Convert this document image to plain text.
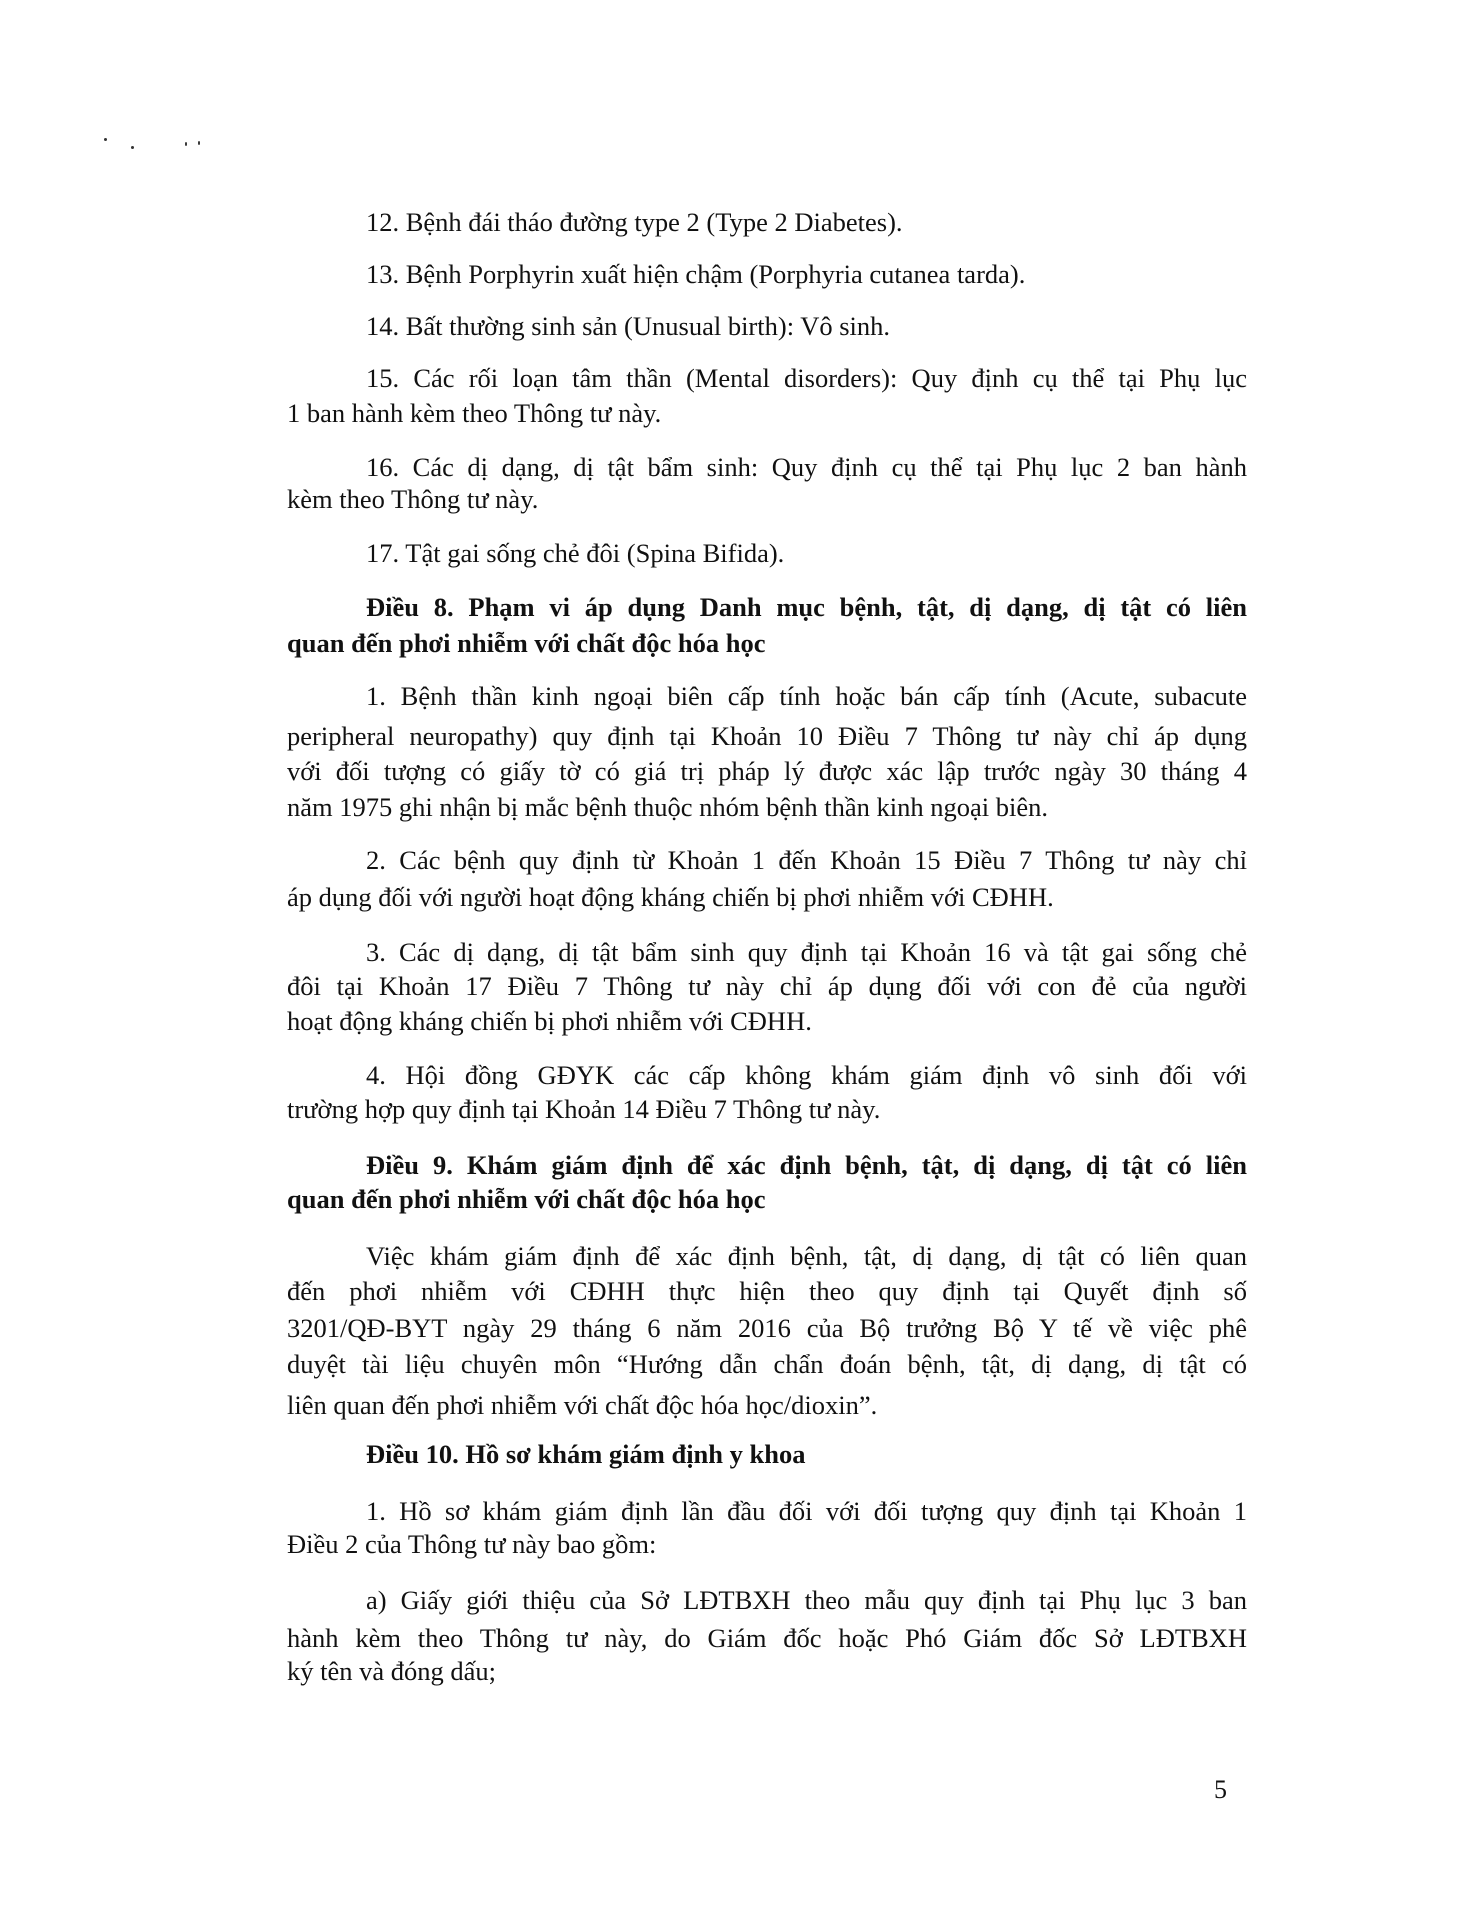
12. Bệnh đái tháo đường type 2 (Type 2 Diabetes).
13. Bệnh Porphyrin xuất hiện chậm (Porphyria cutanea tarda).
14. Bất thường sinh sản (Unusual birth): Vô sinh.
15. Các rối loạn tâm thần (Mental disorders): Quy định cụ thể tại Phụ lục
1 ban hành kèm theo Thông tư này.
16. Các dị dạng, dị tật bẩm sinh: Quy định cụ thể tại Phụ lục 2 ban hành
kèm theo Thông tư này.
17. Tật gai sống chẻ đôi (Spina Bifida).
Điều 8. Phạm vi áp dụng Danh mục bệnh, tật, dị dạng, dị tật có liên
quan đến phơi nhiễm với chất độc hóa học
1. Bệnh thần kinh ngoại biên cấp tính hoặc bán cấp tính (Acute, subacute
peripheral neuropathy) quy định tại Khoản 10 Điều 7 Thông tư này chỉ áp dụng
với đối tượng có giấy tờ có giá trị pháp lý được xác lập trước ngày 30 tháng 4
năm 1975 ghi nhận bị mắc bệnh thuộc nhóm bệnh thần kinh ngoại biên.
2. Các bệnh quy định từ Khoản 1 đến Khoản 15 Điều 7 Thông tư này chỉ
áp dụng đối với người hoạt động kháng chiến bị phơi nhiễm với CĐHH.
3. Các dị dạng, dị tật bẩm sinh quy định tại Khoản 16 và tật gai sống chẻ
đôi tại Khoản 17 Điều 7 Thông tư này chỉ áp dụng đối với con đẻ của người
hoạt động kháng chiến bị phơi nhiễm với CĐHH.
4. Hội đồng GĐYK các cấp không khám giám định vô sinh đối với
trường hợp quy định tại Khoản 14 Điều 7 Thông tư này.
Điều 9. Khám giám định để xác định bệnh, tật, dị dạng, dị tật có liên
quan đến phơi nhiễm với chất độc hóa học
Việc khám giám định để xác định bệnh, tật, dị dạng, dị tật có liên quan
đến phơi nhiễm với CĐHH thực hiện theo quy định tại Quyết định số
3201/QĐ-BYT ngày 29 tháng 6 năm 2016 của Bộ trưởng Bộ Y tế về việc phê
duyệt tài liệu chuyên môn “Hướng dẫn chẩn đoán bệnh, tật, dị dạng, dị tật có
liên quan đến phơi nhiễm với chất độc hóa học/dioxin”.
Điều 10. Hồ sơ khám giám định y khoa
1. Hồ sơ khám giám định lần đầu đối với đối tượng quy định tại Khoản 1
Điều 2 của Thông tư này bao gồm:
a) Giấy giới thiệu của Sở LĐTBXH theo mẫu quy định tại Phụ lục 3 ban
hành kèm theo Thông tư này, do Giám đốc hoặc Phó Giám đốc Sở LĐTBXH
ký tên và đóng dấu;
5
